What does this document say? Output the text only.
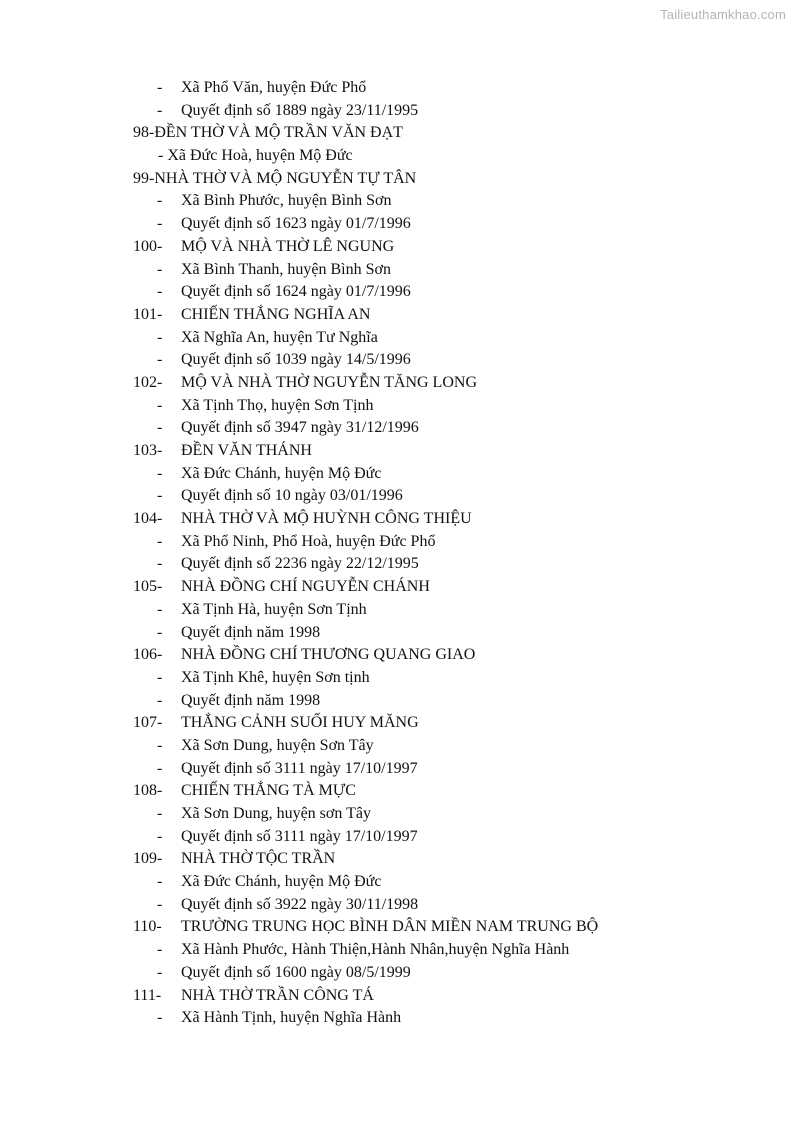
Tailieuthamkhao.com
- Xã Phổ Văn, huyện Đức Phổ
- Quyết định số 1889 ngày 23/11/1995
98-ĐỀN THỜ VÀ MỘ TRẦN VĂN ĐẠT
- Xã Đức Hoà, huyện Mộ Đức
99-NHÀ THỜ VÀ MỘ NGUYỄN TỰ TÂN
- Xã Bình Phước, huyện Bình Sơn
- Quyết định số 1623 ngày 01/7/1996
100- MỘ VÀ NHÀ THỜ LÊ NGUNG
- Xã Bình Thanh, huyện Bình Sơn
- Quyết định số 1624 ngày 01/7/1996
101- CHIẾN THẮNG NGHĨA AN
- Xã Nghĩa An, huyện Tư Nghĩa
- Quyết định số 1039 ngày 14/5/1996
102- MỘ VÀ NHÀ THỜ NGUYỄN TĂNG LONG
- Xã Tịnh Thọ, huyện Sơn Tịnh
- Quyết định số 3947 ngày 31/12/1996
103- ĐỀN VĂN THÁNH
- Xã Đức Chánh, huyện Mộ Đức
- Quyết định số 10 ngày 03/01/1996
104- NHÀ THỜ VÀ MỘ HUỲNH CÔNG THIỆU
- Xã Phổ Ninh, Phổ Hoà, huyện Đức Phổ
- Quyết định số 2236 ngày 22/12/1995
105- NHÀ ĐỒNG CHÍ NGUYỄN CHÁNH
- Xã Tịnh Hà, huyện Sơn Tịnh
- Quyết định năm 1998
106- NHÀ ĐỒNG CHÍ THƯƠNG QUANG GIAO
- Xã Tịnh Khê, huyện Sơn tịnh
- Quyết định năm 1998
107- THẮNG CẢNH SUỐI HUY MĂNG
- Xã Sơn Dung, huyện Sơn Tây
- Quyết định số 3111 ngày 17/10/1997
108- CHIẾN THẮNG TÀ MỰC
- Xã Sơn Dung, huyện sơn Tây
- Quyết định số 3111 ngày 17/10/1997
109- NHÀ THỜ TỘC TRẦN
- Xã Đức Chánh, huyện Mộ Đức
- Quyết định số 3922 ngày 30/11/1998
110- TRƯỜNG TRUNG HỌC BÌNH DÂN MIỀN NAM TRUNG BỘ
- Xã Hành Phước, Hành Thiện,Hành Nhân,huyện Nghĩa Hành
- Quyết định số 1600 ngày 08/5/1999
111- NHÀ THỜ TRẦN CÔNG TÁ
- Xã Hành Tịnh, huyện Nghĩa Hành
